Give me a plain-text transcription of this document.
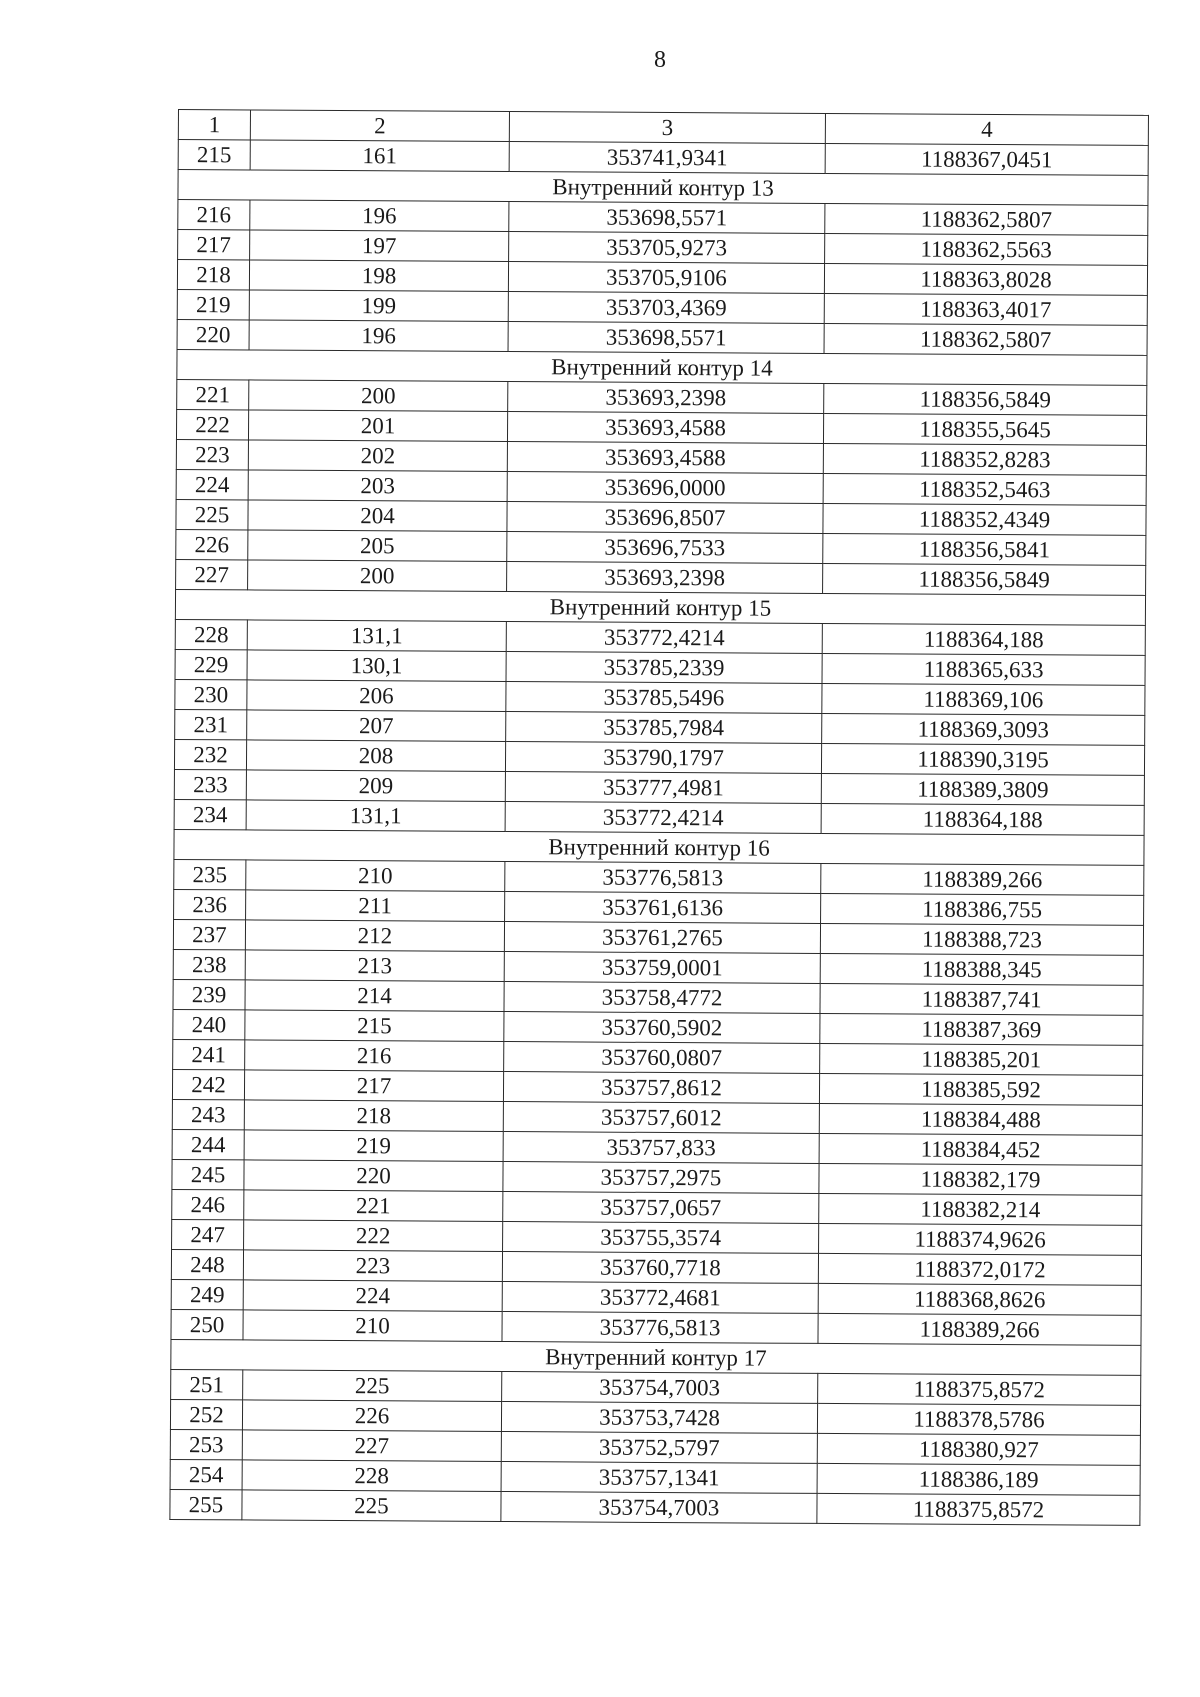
8
1	2	3	4
215	161	353741,9341	1188367,0451
Внутренний контур 13			
216	196	353698,5571	1188362,5807
217	197	353705,9273	1188362,5563
218	198	353705,9106	1188363,8028
219	199	353703,4369	1188363,4017
220	196	353698,5571	1188362,5807
Внутренний контур 14			
221	200	353693,2398	1188356,5849
222	201	353693,4588	1188355,5645
223	202	353693,4588	1188352,8283
224	203	353696,0000	1188352,5463
225	204	353696,8507	1188352,4349
226	205	353696,7533	1188356,5841
227	200	353693,2398	1188356,5849
Внутренний контур 15			
228	131,1	353772,4214	1188364,188
229	130,1	353785,2339	1188365,633
230	206	353785,5496	1188369,106
231	207	353785,7984	1188369,3093
232	208	353790,1797	1188390,3195
233	209	353777,4981	1188389,3809
234	131,1	353772,4214	1188364,188
Внутренний контур 16			
235	210	353776,5813	1188389,266
236	211	353761,6136	1188386,755
237	212	353761,2765	1188388,723
238	213	353759,0001	1188388,345
239	214	353758,4772	1188387,741
240	215	353760,5902	1188387,369
241	216	353760,0807	1188385,201
242	217	353757,8612	1188385,592
243	218	353757,6012	1188384,488
244	219	353757,833	1188384,452
245	220	353757,2975	1188382,179
246	221	353757,0657	1188382,214
247	222	353755,3574	1188374,9626
248	223	353760,7718	1188372,0172
249	224	353772,4681	1188368,8626
250	210	353776,5813	1188389,266
Внутренний контур 17			
251	225	353754,7003	1188375,8572
252	226	353753,7428	1188378,5786
253	227	353752,5797	1188380,927
254	228	353757,1341	1188386,189
255	225	353754,7003	1188375,8572
